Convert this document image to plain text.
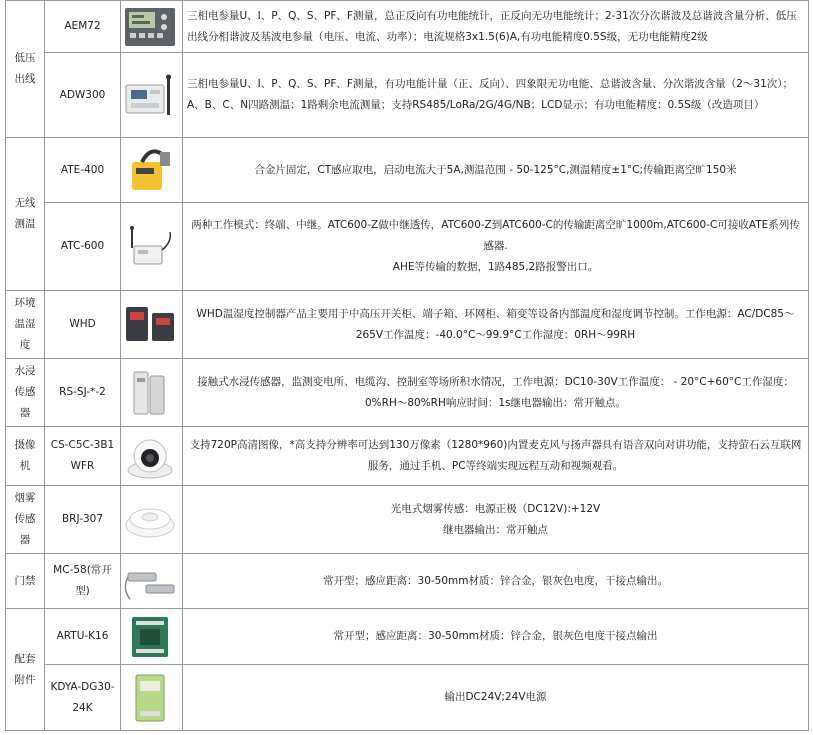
低压出线	AEM72		三相电参量U、I、P、Q、S、PF、F测量，总正反向有功电能统计，正反向无功电能统计；2-31次分次谐波及总谐波含量分析、低压出线分相谐波及基波电参量（电压、电流、功率）；电流规格3x1.5(6)A,有功电能精度0.5S级，无功电能精度2级
	ADW300		三相电参量U、I、P、Q、S、PF、F测量，有功电能计量（正、反向）、四象限无功电能、总谐波含量、分次谐波含量（2～31次）；A、B、C、N四路测温；1路剩余电流测量；支持RS485/LoRa/2G/4G/NB；LCD显示；有功电能精度：0.5S级（改造项目）
无线测温	ATE-400		合金片固定，CT感应取电，启动电流大于5A,测温范围 - 50-125°C,测温精度±1°C;传输距离空旷150米
	ATC-600		两种工作模式：终端、中继。ATC600-Z做中继透传，ATC600-Z到ATC600-C的传输距离空旷1000m,ATC600-C可接收ATE系列传感器.

AHE等传输的数据，1路485,2路报警出口。

环境温湿度	WHD		WHD温湿度控制器产品主要用于中高压开关柜、端子箱、环网柜、箱变等设备内部温度和湿度调节控制。工作电源：AC/DC85～265V工作温度：-40.0°C～99.9°C工作湿度：0RH～99RH
水浸传感器	RS-SJ-*-2		接触式水浸传感器，监测变电所、电缆沟、控制室等场所积水情况，工作电源：DC10-30V工作温度： - 20°C+60°C工作湿度：0%RH～80%RH响应时间：1s继电器输出：常开触点。
摄像机	CS-C5C-3B1WFR		支持720P高清图像，*高支持分辨率可达到130万像素（1280*960)内置麦克风与扬声器具有语音双向对讲功能，支持萤石云互联网服务，通过手机、PC等终端实现远程互动和视频观看。
烟雾传感器	BRJ-307		光电式烟雾传感：电源正极（DC12V):+12V

继电器输出：常开触点

门禁	MC-58(常开型)		常开型；感应距离：30-50mm材质：锌合金，银灰色电度，干接点输出。
配套附件	ARTU-K16		常开型；感应距离：30-50mm材质：锌合金，银灰色电度干接点输出
	KDYA-DG30-24K		输出DC24V;24V电源
